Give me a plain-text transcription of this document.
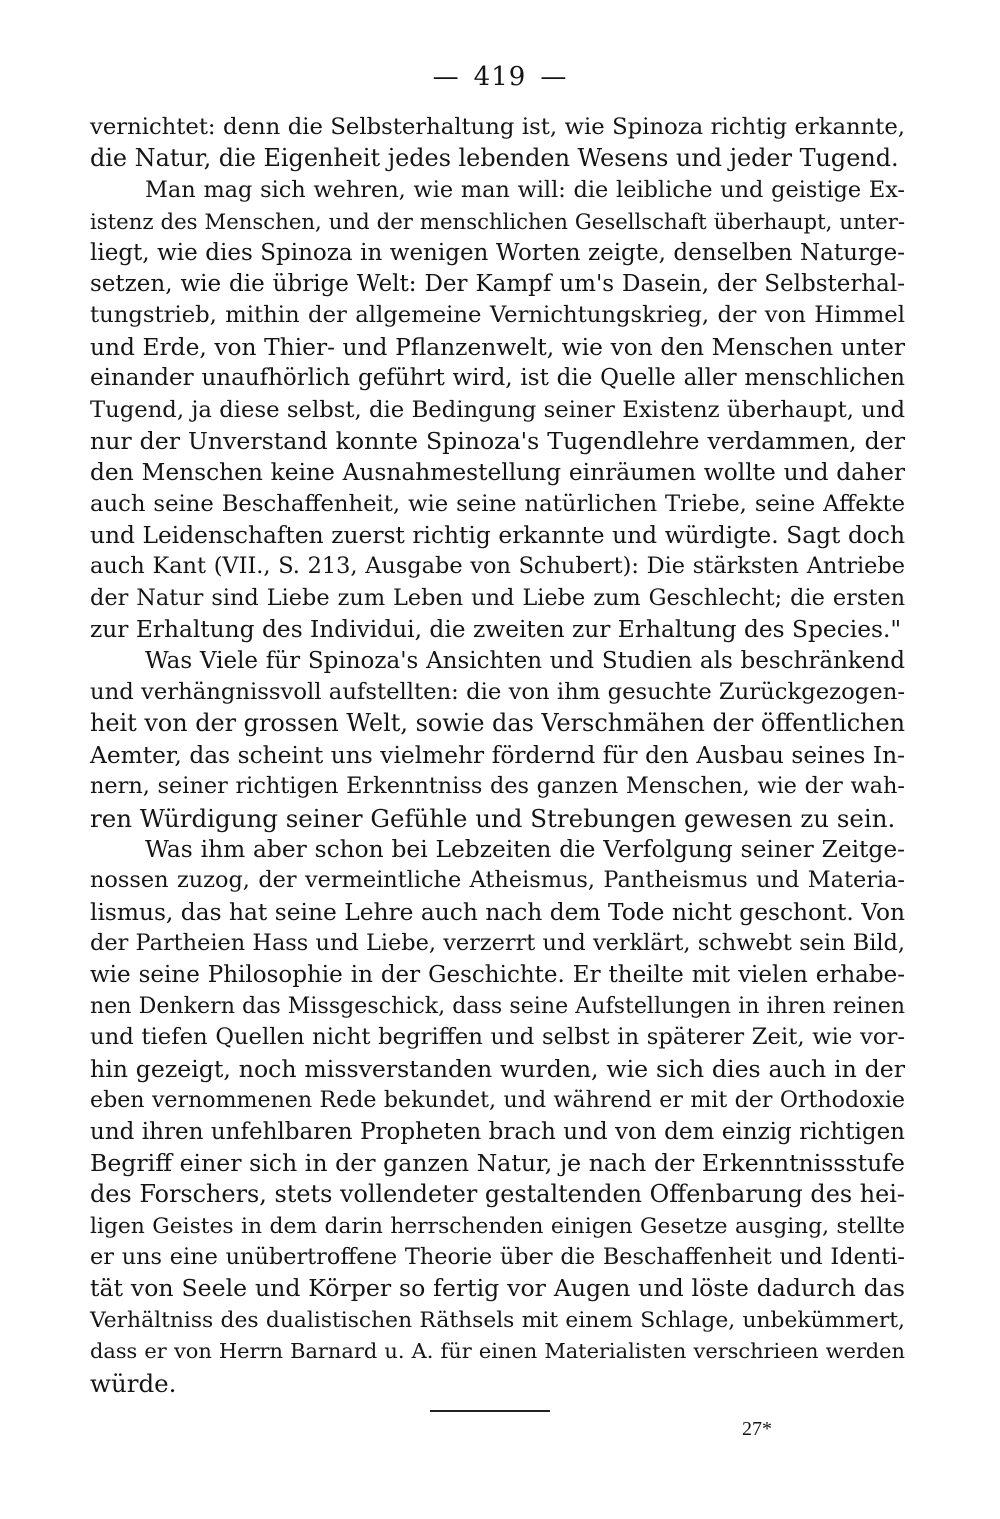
— 419 —
vernichtet: denn die Selbsterhaltung ist, wie Spinoza richtig erkannte,
die Natur, die Eigenheit jedes lebenden Wesens und jeder Tugend.
Man mag sich wehren, wie man will: die leibliche und geistige Ex-
istenz des Menschen, und der menschlichen Gesellschaft überhaupt, unter-
liegt, wie dies Spinoza in wenigen Worten zeigte, denselben Naturge-
setzen, wie die übrige Welt: Der Kampf um's Dasein, der Selbsterhal-
tungstrieb, mithin der allgemeine Vernichtungskrieg, der von Himmel
und Erde, von Thier- und Pflanzenwelt, wie von den Menschen unter
einander unaufhörlich geführt wird, ist die Quelle aller menschlichen
Tugend, ja diese selbst, die Bedingung seiner Existenz überhaupt, und
nur der Unverstand konnte Spinoza's Tugendlehre verdammen, der
den Menschen keine Ausnahmestellung einräumen wollte und daher
auch seine Beschaffenheit, wie seine natürlichen Triebe, seine Affekte
und Leidenschaften zuerst richtig erkannte und würdigte. Sagt doch
auch Kant (VII., S. 213, Ausgabe von Schubert): Die stärksten Antriebe
der Natur sind Liebe zum Leben und Liebe zum Geschlecht; die ersten
zur Erhaltung des Individui, die zweiten zur Erhaltung des Species."
Was Viele für Spinoza's Ansichten und Studien als beschränkend
und verhängnissvoll aufstellten: die von ihm gesuchte Zurückgezogen-
heit von der grossen Welt, sowie das Verschmähen der öffentlichen
Aemter, das scheint uns vielmehr fördernd für den Ausbau seines In-
nern, seiner richtigen Erkenntniss des ganzen Menschen, wie der wah-
ren Würdigung seiner Gefühle und Strebungen gewesen zu sein.
Was ihm aber schon bei Lebzeiten die Verfolgung seiner Zeitge-
nossen zuzog, der vermeintliche Atheismus, Pantheismus und Materia-
lismus, das hat seine Lehre auch nach dem Tode nicht geschont. Von
der Partheien Hass und Liebe, verzerrt und verklärt, schwebt sein Bild,
wie seine Philosophie in der Geschichte. Er theilte mit vielen erhabe-
nen Denkern das Missgeschick, dass seine Aufstellungen in ihren reinen
und tiefen Quellen nicht begriffen und selbst in späterer Zeit, wie vor-
hin gezeigt, noch missverstanden wurden, wie sich dies auch in der
eben vernommenen Rede bekundet, und während er mit der Orthodoxie
und ihren unfehlbaren Propheten brach und von dem einzig richtigen
Begriff einer sich in der ganzen Natur, je nach der Erkenntnissstufe
des Forschers, stets vollendeter gestaltenden Offenbarung des hei-
ligen Geistes in dem darin herrschenden einigen Gesetze ausging, stellte
er uns eine unübertroffene Theorie über die Beschaffenheit und Identi-
tät von Seele und Körper so fertig vor Augen und löste dadurch das
Verhältniss des dualistischen Räthsels mit einem Schlage, unbekümmert,
dass er von Herrn Barnard u. A. für einen Materialisten verschrieen werden
würde.
27*
